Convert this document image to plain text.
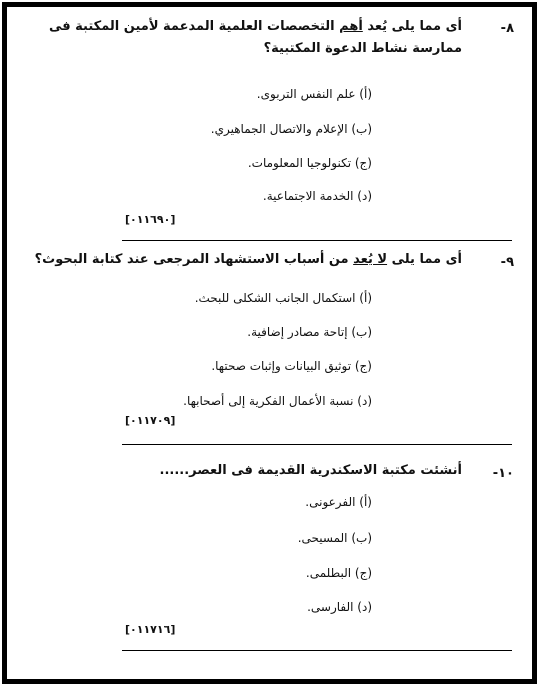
٨-
أى مما يلى يُعد أهم التخصصات العلمية المدعمة لأمين المكتبة فى ممارسة نشاط الدعوة المكتبية؟
(أ) علم النفس التربوى.
(ب) الإعلام والاتصال الجماهيري.
(ج) تكنولوجيا المعلومات.
(د) الخدمة الاجتماعية.
[٠١١٦٩٠]
٩-
أى مما يلى لا يُعد من أسباب الاستشهاد المرجعى عند كتابة البحوث؟
(أ) استكمال الجانب الشكلى للبحث.
(ب) إتاحة مصادر إضافية.
(ج) توثيق البيانات وإثبات صحتها.
(د) نسبة الأعمال الفكرية إلى أصحابها.
[٠١١٧٠٩]
١٠-
أنشئت مكتبة الاسكندرية القديمة فى العصر......
(أ) الفرعونى.
(ب) المسيحى.
(ج) البطلمى.
(د) الفارسى.
[٠١١٧١٦]
